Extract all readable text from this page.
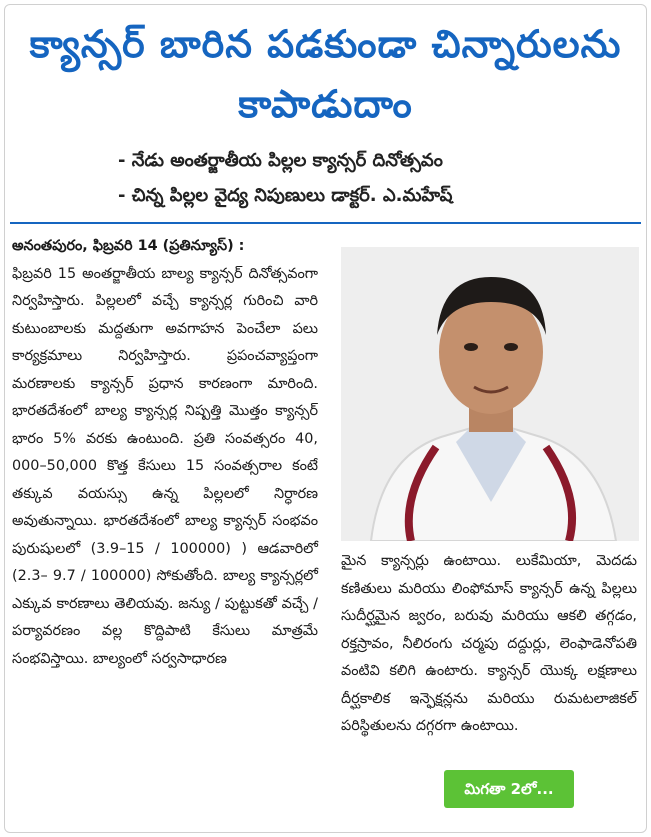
క్యాన్సర్ బారిన పడకుండా చిన్నారులను
కాపాడుదాం
- నేడు అంతర్జాతీయ పిల్లల క్యాన్సర్ దినోత్సవం
- చిన్న పిల్లల వైద్య నిపుణులు డాక్టర్. ఎ.మహేష్

అనంతపురం, ఫిబ్రవరి 14 (ప్రతిన్యూస్) :

ఫిబ్రవరి 15 అంతర్జాతీయ బాల్య క్యాన్సర్ దినోత్సవంగా నిర్వహిస్తారు. పిల్లలలో వచ్చే క్యాన్సర్ల గురించి వారి కుటుంబాలకు మద్దతుగా అవగాహన పెంచేలా పలు కార్యక్రమాలు నిర్వహిస్తారు. ప్రపంచవ్యాప్తంగా మరణాలకు క్యాన్సర్ ప్రధాన కారణంగా మారింది. భారతదేశంలో బాల్య క్యాన్సర్ల నిష్పత్తి మొత్తం క్యాన్సర్ భారం 5% వరకు ఉంటుంది. ప్రతి సంవత్సరం 40, 000–50,000 కొత్త కేసులు 15 సంవత్సరాల కంటే తక్కువ వయస్సు ఉన్న పిల్లలలో నిర్ధారణ అవుతున్నాయి. భారతదేశంలో బాల్య క్యాన్సర్ సంభవం పురుషులలో (3.9–15 / 100000) ) ఆడవారిలో (2.3– 9.7 / 100000) సోకుతోంది. బాల్య క్యాన్సర్లలో ఎక్కువ కారణాలు తెలియవు. జన్యు / పుట్టుకతో వచ్చే / పర్యావరణం వల్ల కొద్దిపాటి కేసులు మాత్రమే సంభవిస్తాయి. బాల్యంలో సర్వసాధారణ

మైన క్యాన్సర్లు ఉంటాయి. లుకేమియా, మెదడు కణితులు మరియు లింఫోమాస్ క్యాన్సర్ ఉన్న పిల్లలు సుదీర్ఘమైన జ్వరం, బరువు మరియు ఆకలి తగ్గడం, రక్తస్రావం, నీలిరంగు చర్మపు దద్దుర్లు, లెంఫాడెనోపతి వంటివి కలిగి ఉంటారు. క్యాన్సర్ యొక్క లక్షణాలు దీర్ఘకాలిక ఇన్ఫెక్షన్లను మరియు రుమటలాజికల్ పరిస్థితులను దగ్గరగా ఉంటాయి.

మిగతా 2లో...
